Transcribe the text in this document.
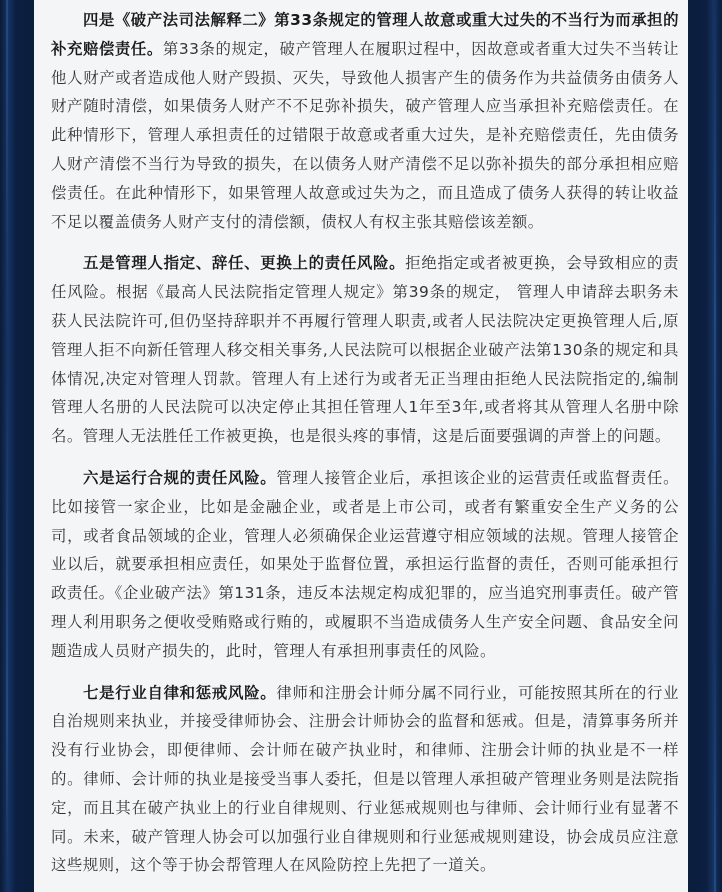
四是《破产法司法解释二》第33条规定的管理人故意或重大过失的不当行为而承担的补充赔偿责任。第33条的规定，破产管理人在履职过程中，因故意或者重大过失不当转让他人财产或者造成他人财产毁损、灭失，导致他人损害产生的债务作为共益债务由债务人财产随时清偿，如果债务人财产不不足弥补损失，破产管理人应当承担补充赔偿责任。在此种情形下，管理人承担责任的过错限于故意或者重大过失，是补充赔偿责任，先由债务人财产清偿不当行为导致的损失，在以债务人财产清偿不足以弥补损失的部分承担相应赔偿责任。在此种情形下，如果管理人故意或过失为之，而且造成了债务人获得的转让收益不足以覆盖债务人财产支付的清偿额，债权人有权主张其赔偿该差额。

五是管理人指定、辞任、更换上的责任风险。拒绝指定或者被更换，会导致相应的责任风险。根据《最高人民法院指定管理人规定》第39条的规定， 管理人申请辞去职务未获人民法院许可,但仍坚持辞职并不再履行管理人职责,或者人民法院决定更换管理人后,原管理人拒不向新任管理人移交相关事务,人民法院可以根据企业破产法第130条的规定和具体情况,决定对管理人罚款。管理人有上述行为或者无正当理由拒绝人民法院指定的,编制管理人名册的人民法院可以决定停止其担任管理人1年至3年,或者将其从管理人名册中除名。管理人无法胜任工作被更换，也是很头疼的事情，这是后面要强调的声誉上的问题。

六是运行合规的责任风险。管理人接管企业后，承担该企业的运营责任或监督责任。比如接管一家企业，比如是金融企业，或者是上市公司，或者有繁重安全生产义务的公司，或者食品领域的企业，管理人必须确保企业运营遵守相应领域的法规。管理人接管企业以后，就要承担相应责任，如果处于监督位置，承担运行监督的责任，否则可能承担行政责任。《企业破产法》第131条，违反本法规定构成犯罪的，应当追究刑事责任。破产管理人利用职务之便收受贿赂或行贿的，或履职不当造成债务人生产安全问题、食品安全问题造成人员财产损失的，此时，管理人有承担刑事责任的风险。

七是行业自律和惩戒风险。律师和注册会计师分属不同行业，可能按照其所在的行业自治规则来执业，并接受律师协会、注册会计师协会的监督和惩戒。但是，清算事务所并没有行业协会，即便律师、会计师在破产执业时，和律师、注册会计师的执业是不一样的。律师、会计师的执业是接受当事人委托，但是以管理人承担破产管理业务则是法院指定，而且其在破产执业上的行业自律规则、行业惩戒规则也与律师、会计师行业有显著不同。未来，破产管理人协会可以加强行业自律规则和行业惩戒规则建设，协会成员应注意这些规则，这个等于协会帮管理人在风险防控上先把了一道关。
